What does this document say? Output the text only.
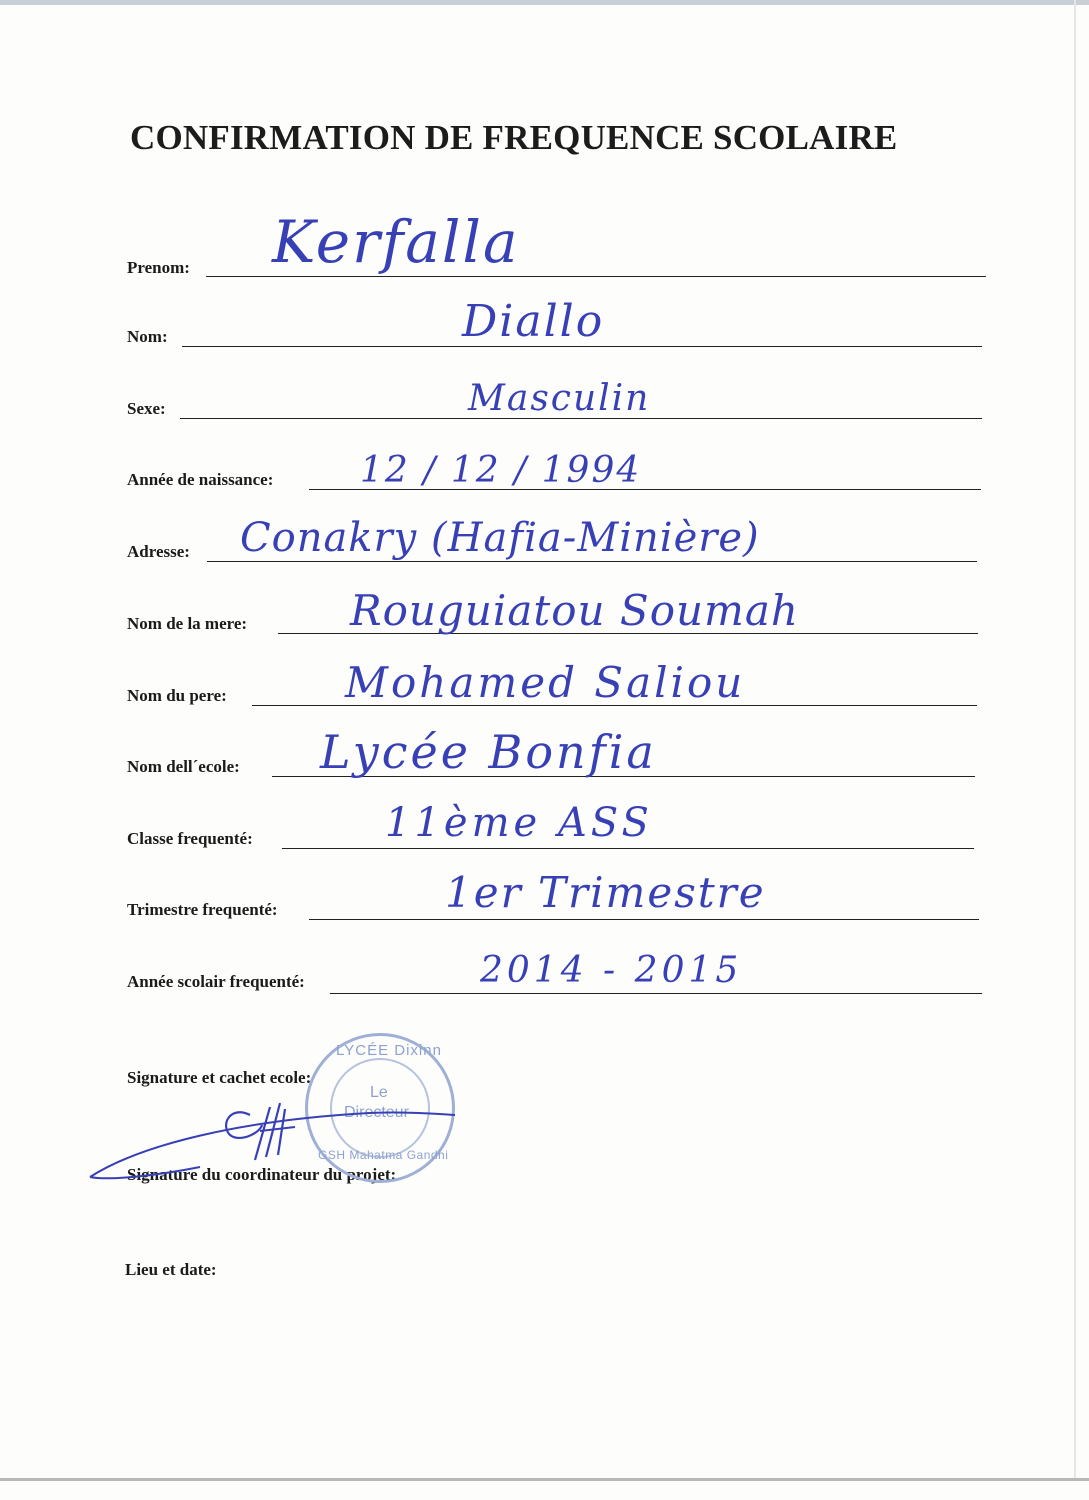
CONFIRMATION DE FREQUENCE SCOLAIRE
Prenom: Kerfalla
Nom:	Diallo
Sexe:	Masculin
Année de naissance: 12 / 12 / 1994
Adresse: Conakry (Hafia-Minière)
Nom de la mere: Rouguiatou Soumah
Nom du pere:	Mohamed Saliou
Nom dell´ecole: Lycée Bonfia
Classe frequenté:	11ème ASS
Trimestre frequenté:	1er Trimestre
Année scolair frequenté:	2014 - 2015
Signature et cachet ecole:
Signature du coordinateur du projet:
Lieu et date:
LYCÉE Dixinn
Le
Directeur
GSH Mahatma Gandhi
